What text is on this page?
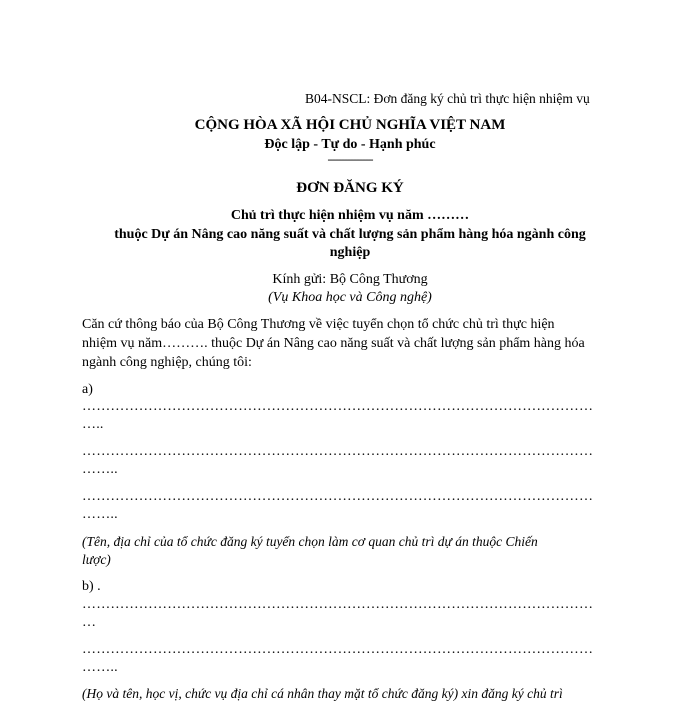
B04-NSCL: Đơn đăng ký chủ trì thực hiện nhiệm vụ
CỘNG HÒA XÃ HỘI CHỦ NGHĨA VIỆT NAM
Độc lập - Tự do - Hạnh phúc
---------------
ĐƠN ĐĂNG KÝ
Chủ trì thực hiện nhiệm vụ năm ………
thuộc Dự án Nâng cao năng suất và chất lượng sản phẩm hàng hóa ngành công
nghiệp
Kính gửi: Bộ Công Thương
(Vụ Khoa học và Công nghệ)
Căn cứ thông báo của Bộ Công Thương về việc tuyển chọn tổ chức chủ trì thực hiện
nhiệm vụ năm………. thuộc Dự án Nâng cao năng suất và chất lượng sản phẩm hàng hóa
ngành công nghiệp, chúng tôi:
a)
………………………………………………………………………………………………
…..
………………………………………………………………………………………………
……..
………………………………………………………………………………………………
……..
(Tên, địa chỉ của tổ chức đăng ký tuyển chọn làm cơ quan chủ trì dự án thuộc Chiến
lược)
b) .
………………………………………………………………………………………………
…
………………………………………………………………………………………………
……..
(Họ và tên, học vị, chức vụ địa chỉ cá nhân thay mặt tổ chức đăng ký) xin đăng ký chủ trì
